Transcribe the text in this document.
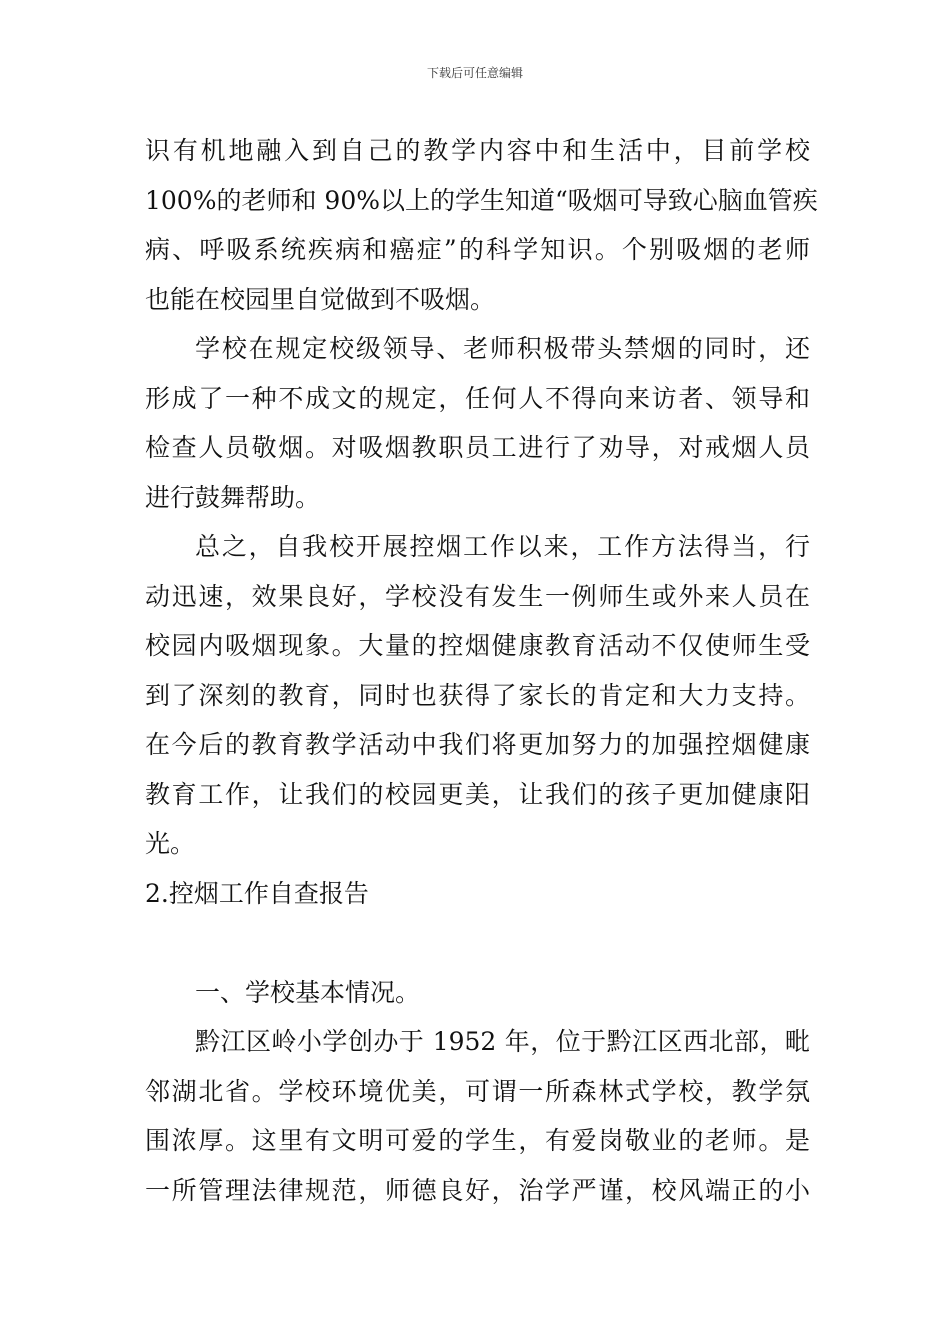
下载后可任意编辑
识有机地融入到自己的教学内容中和生活中，目前学校
100%的老师和 90%以上的学生知道“吸烟可导致心脑血管疾
病、呼吸系统疾病和癌症”的科学知识。个别吸烟的老师
也能在校园里自觉做到不吸烟。
学校在规定校级领导、老师积极带头禁烟的同时，还
形成了一种不成文的规定，任何人不得向来访者、领导和
检查人员敬烟。对吸烟教职员工进行了劝导，对戒烟人员
进行鼓舞帮助。
总之，自我校开展控烟工作以来，工作方法得当，行
动迅速，效果良好，学校没有发生一例师生或外来人员在
校园内吸烟现象。大量的控烟健康教育活动不仅使师生受
到了深刻的教育，同时也获得了家长的肯定和大力支持。
在今后的教育教学活动中我们将更加努力的加强控烟健康
教育工作，让我们的校园更美，让我们的孩子更加健康阳
光。
2.控烟工作自查报告
一、学校基本情况。
黔江区岭小学创办于 1952 年，位于黔江区西北部，毗
邻湖北省。学校环境优美，可谓一所森林式学校，教学氛
围浓厚。这里有文明可爱的学生，有爱岗敬业的老师。是
一所管理法律规范，师德良好，治学严谨，校风端正的小
